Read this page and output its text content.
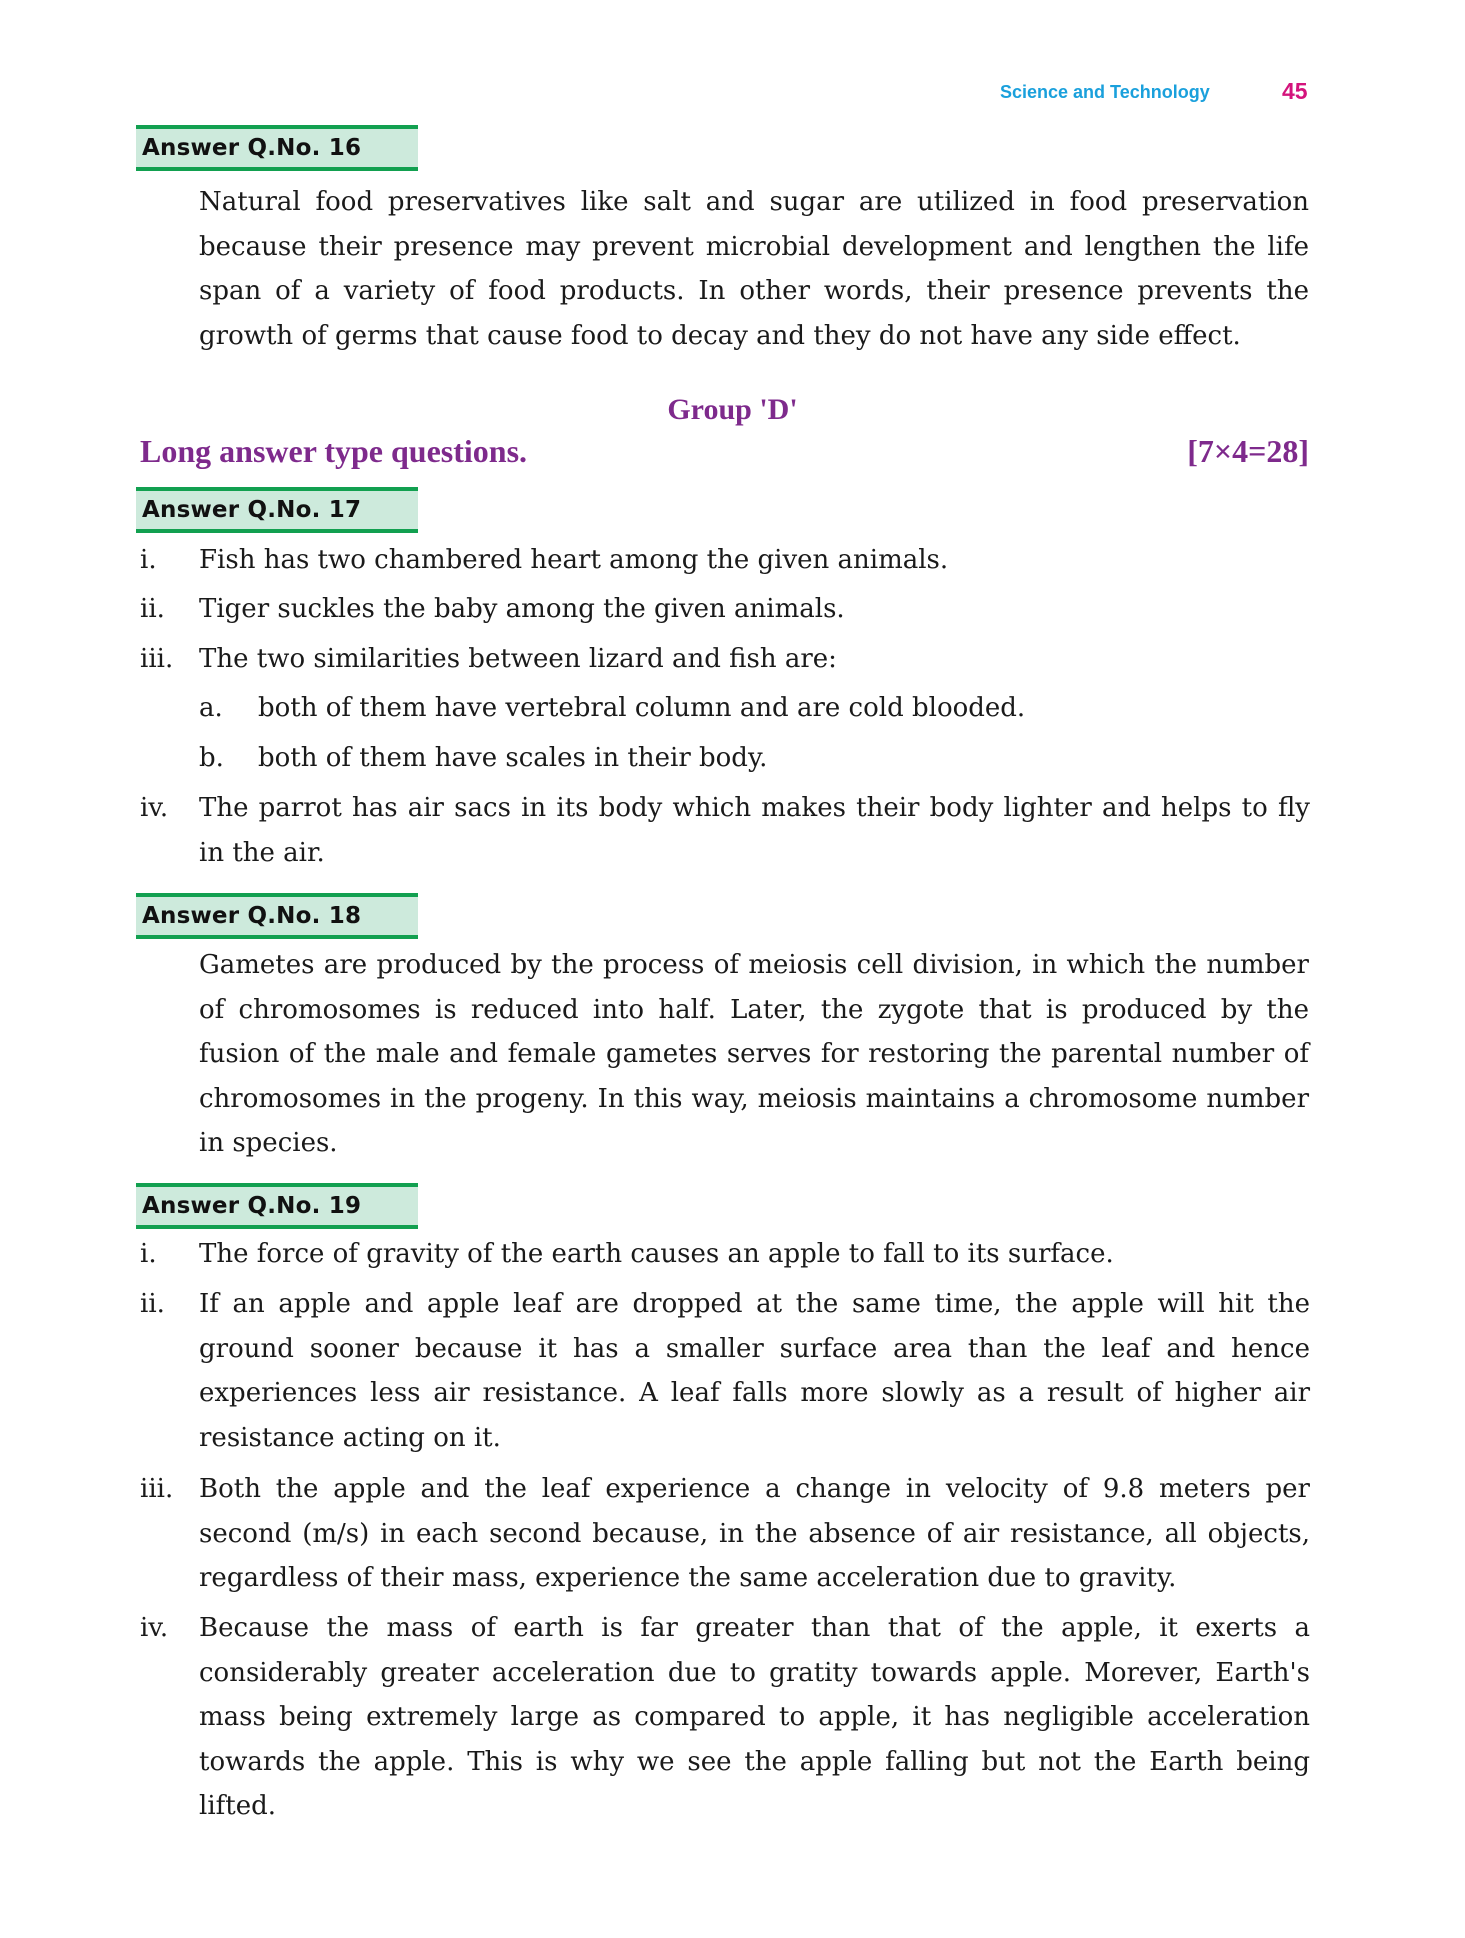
Science and Technology	45
Answer Q.No. 16
Natural food preservatives like salt and sugar are utilized in food preservation because their presence may prevent microbial development and lengthen the life span of a variety of food products. In other words, their presence prevents the growth of germs that cause food to decay and they do not have any side effect.
Group 'D'
Long answer type questions.	[7×4=28]
Answer Q.No. 17
i.	Fish has two chambered heart among the given animals.
ii.	Tiger suckles the baby among the given animals.
iii. The two similarities between lizard and fish are:
a. both of them have vertebral column and are cold blooded.
b. both of them have scales in their body.
iv.	The parrot has air sacs in its body which makes their body lighter and helps to fly in the air.
Answer Q.No. 18
Gametes are produced by the process of meiosis cell division, in which the number of chromosomes is reduced into half. Later, the zygote that is produced by the fusion of the male and female gametes serves for restoring the parental number of chromosomes in the progeny. In this way, meiosis maintains a chromosome number in species.
Answer Q.No. 19
i.	The force of gravity of the earth causes an apple to fall to its surface.
ii.	If an apple and apple leaf are dropped at the same time, the apple will hit the ground sooner because it has a smaller surface area than the leaf and hence experiences less air resistance. A leaf falls more slowly as a result of higher air resistance acting on it.
iii. Both the apple and the leaf experience a change in velocity of 9.8 meters per second (m/s) in each second because, in the absence of air resistance, all objects, regardless of their mass, experience the same acceleration due to gravity.
iv.	Because the mass of earth is far greater than that of the apple, it exerts a considerably greater acceleration due to gratity towards apple. Morever, Earth's mass being extremely large as compared to apple, it has negligible acceleration towards the apple. This is why we see the apple falling but not the Earth being lifted.
